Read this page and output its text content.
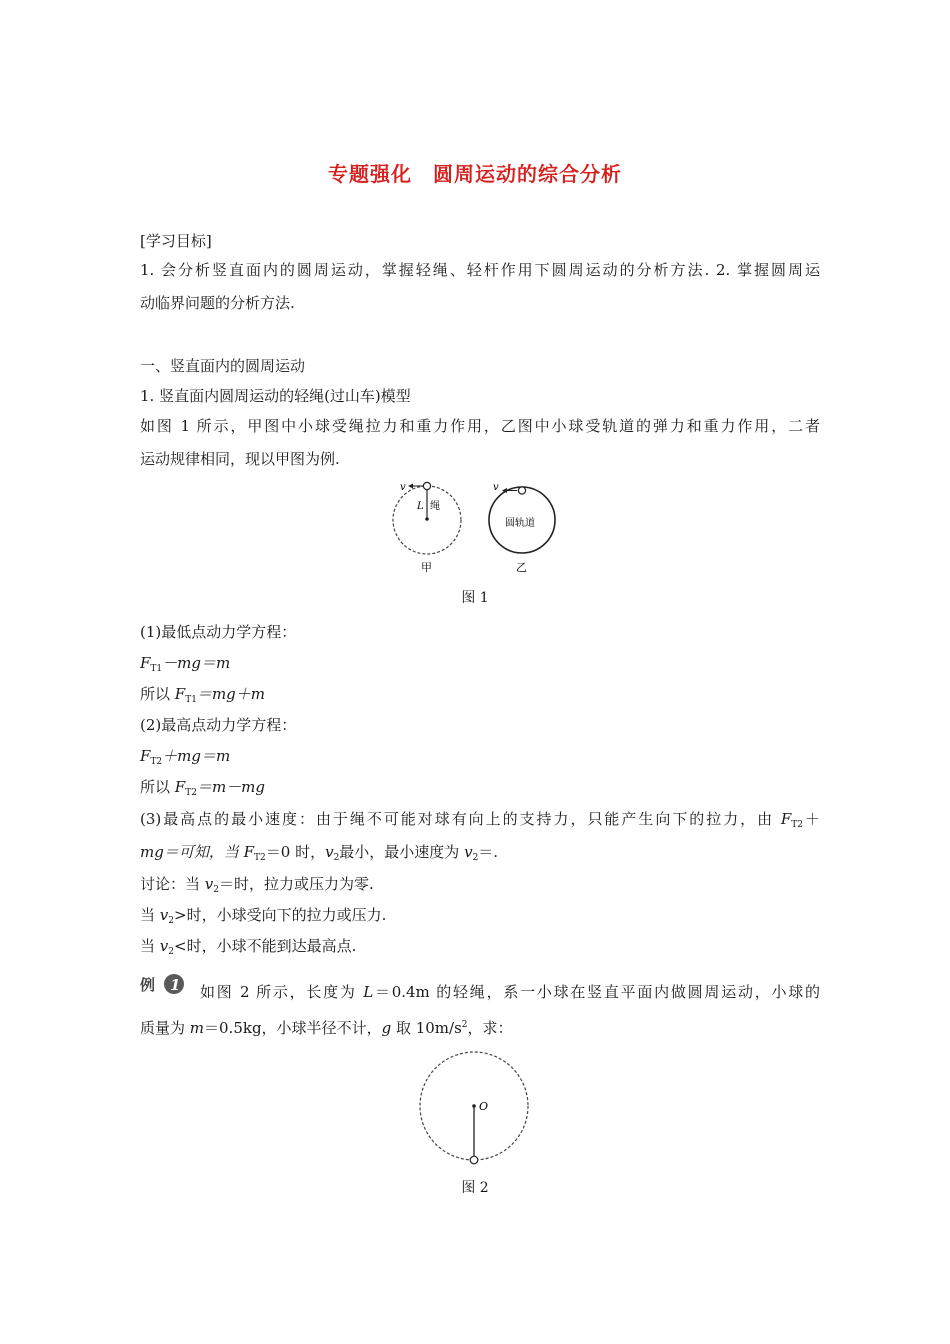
专题强化　圆周运动的综合分析
[学习目标]
1. 会分析竖直面内的圆周运动，掌握轻绳、轻杆作用下圆周运动的分析方法. 2. 掌握圆周运
动临界问题的分析方法.
一、竖直面内的圆周运动
1. 竖直面内圆周运动的轻绳(过山车)模型
如图 1 所示，甲图中小球受绳拉力和重力作用，乙图中小球受轨道的弹力和重力作用，二者
运动规律相同，现以甲图为例.
v
L 绳
甲
v
圆轨道
乙
图 1
(1)最低点动力学方程：
$F_{T1}-mg=m$
所以 $F_{T1}=mg+m$
(2)最高点动力学方程：
$F_{T2}+mg=m$
所以 $F_{T2}=m-mg$
(3)最高点的最小速度：由于绳不可能对球有向上的支持力，只能产生向下的拉力，由 $F_{T2}+$
mg＝可知，当 $F_{T2}=0$ 时，$v_2$最小，最小速度为 $v_2=$.
讨论：当 $v_2=$时，拉力或压力为零.
当 $v_2>$时，小球受向下的拉力或压力.
当 $v_2<$时，小球不能到达最高点.
例 1 如图 2 所示，长度为 L＝0.4m 的轻绳，系一小球在竖直平面内做圆周运动，小球的
质量为 m＝0.5kg，小球半径不计，g 取 $10m/s^2$，求：
O
图 2
